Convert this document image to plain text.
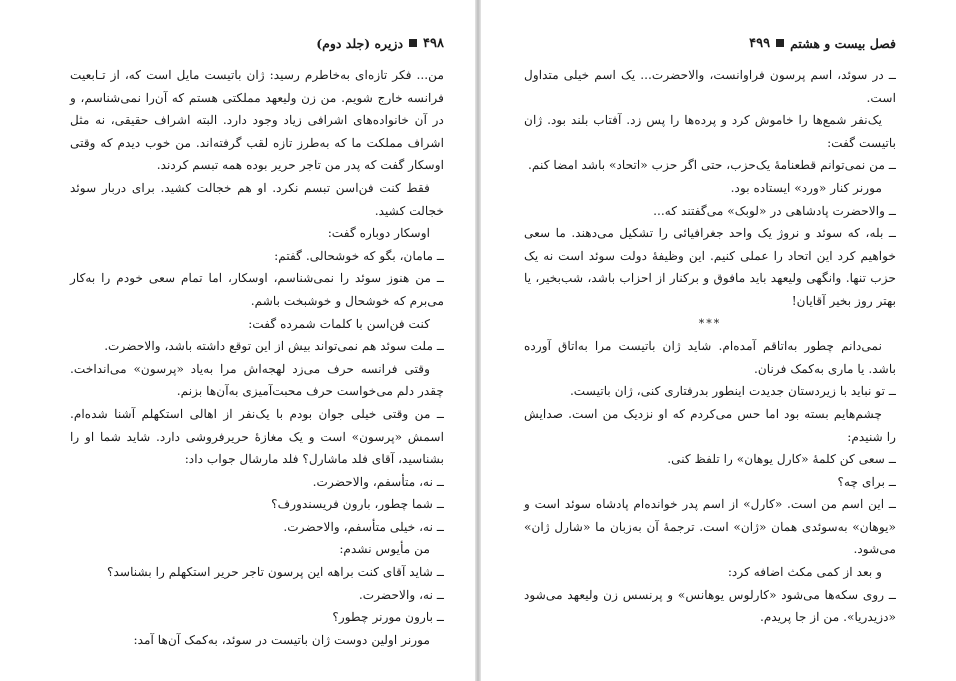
۴۹۸
دزیره (جلد دوم)

من... فکر تازه‌ای به‌خاطرم رسید: ژان باتیست مایل است که، از تـابعیت فرانسه خارج شویم. من زن ولیعهد مملکتی هستم که آن‌را نمی‌شناسم، و در آن خانواده‌های اشرافی زیاد وجود دارد. البته اشراف حقیقی، نه مثل اشراف مملکت ما که به‌طرز تازه لقب گرفته‌اند. من خوب دیدم که وقتی اوسکار گفت که پدر من تاجر حریر بوده همه تبسم کردند.

فقط کنت فن‌اسن تبسم نکرد. او هم خجالت کشید. برای دربار سوئد خجالت کشید.

اوسکار دوباره گفت:

ــ مامان، بگو که خوشحالی. گفتم:

ــ من هنوز سوئد را نمی‌شناسم، اوسکار، اما تمام سعی خودم را به‌کار می‌برم که خوشحال و خوشبخت باشم.

کنت فن‌اسن با کلمات شمرده گفت:

ــ ملت سوئد هم نمی‌تواند بیش از این توقع داشته باشد، والاحضرت.

وقتی فرانسه حرف می‌زد لهجه‌اش مرا به‌یاد «پرسون» می‌انداخت. چقدر دلم می‌خواست حرف محبت‌آمیزی به‌آن‌ها بزنم.

ــ من وقتی خیلی جوان بودم با یک‌نفر از اهالی استکهلم آشنا شده‌ام. اسمش «پرسون» است و یک مغازهٔ حریرفروشی دارد. شاید شما او را بشناسید، آقای فلد ماشارل؟ فلد مارشال جواب داد:

ــ نه، متأسفم، والاحضرت.

ــ شما چطور، بارون فریسندورف؟

ــ نه، خیلی متأسفم، والاحضرت.

من مأیوس نشدم:

ــ شاید آقای کنت براهه این پرسون تاجر حریر استکهلم را بشناسد؟

ــ نه، والاحضرت.

ــ بارون مورنر چطور؟

مورنر اولین دوست ژان باتیست در سوئد، به‌کمک آن‌ها آمد:

فصل بیست و هشتم
۴۹۹

ــ در سوئد، اسم پرسون فراوانست، والاحضرت... یک اسم خیلی متداول است.

یک‌نفر شمع‌ها را خاموش کرد و پرده‌ها را پس زد. آفتاب بلند بود. ژان باتیست گفت:

ــ من نمی‌توانم قطعنامهٔ یک‌حزب، حتی اگر حزب «اتحاد» باشد امضا کنم.

مورنر کنار «ورد» ایستاده بود.

ــ والاحضرت پادشاهی در «لوبک» می‌گفتند که...

ــ بله، که سوئد و نروژ یک واحد جغرافیائی را تشکیل می‌دهند. ما سعی خواهیم کرد این اتحاد را عملی کنیم. این وظیفهٔ دولت سوئد است نه یک حزب تنها. وانگهی ولیعهد باید مافوق و برکنار از احزاب باشد، شب‌بخیر، یا بهتر روز بخیر آقایان!

***

نمی‌دانم چطور به‌اتاقم آمده‌ام. شاید ژان باتیست مرا به‌اتاق آورده باشد. یا ماری به‌کمک فرنان.

ــ تو نباید با زیردستان جدیدت اینطور بدرفتاری کنی، ژان باتیست.

چشم‌هایم بسته بود اما حس می‌کردم که او نزدیک من است. صدایش را شنیدم:

ــ سعی کن کلمهٔ «کارل یوهان» را تلفظ کنی.

ــ برای چه؟

ــ این اسم من است. «کارل» از اسم پدر خوانده‌ام پادشاه سوئد است و «یوهان» به‌سوئدی همان «ژان» است. ترجمهٔ آن به‌زبان ما «شارل ژان» می‌شود.

و بعد از کمی مکث اضافه کرد:

ــ روی سکه‌ها می‌شود «کارلوس یوهانس» و پرنسس زن ولیعهد می‌شود «دزیدریا». من از جا پریدم.
